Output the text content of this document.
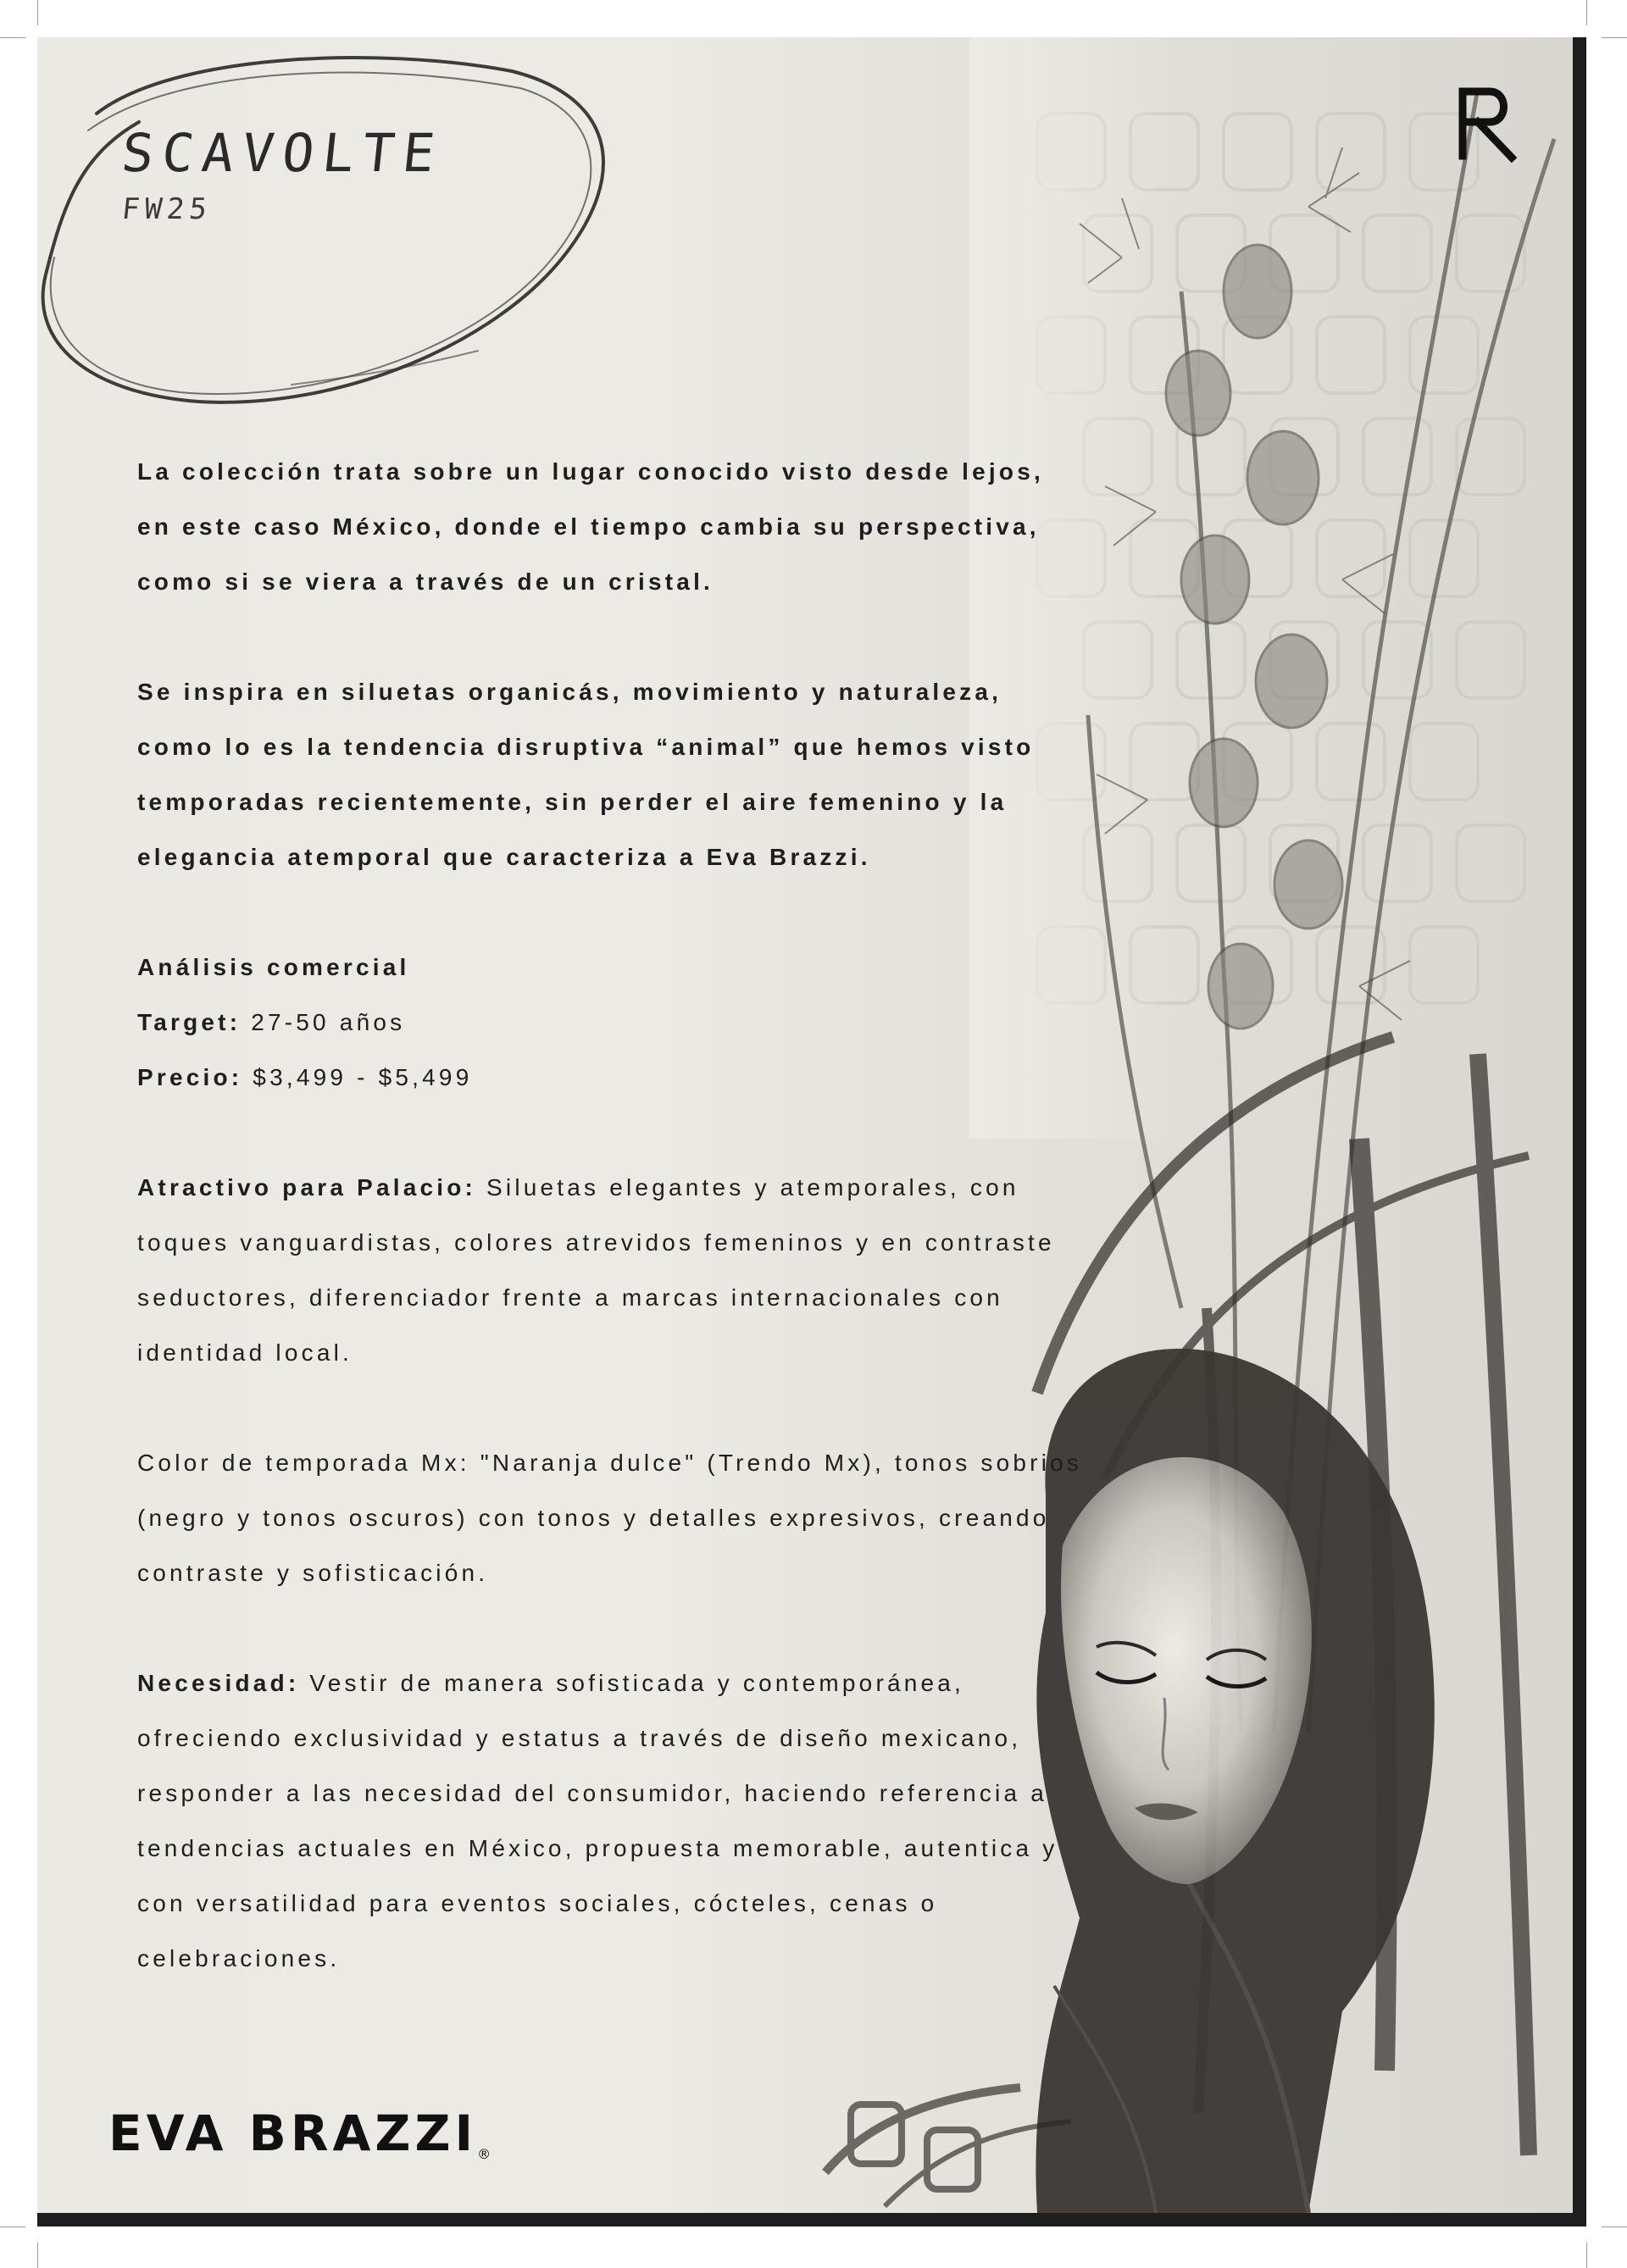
SCAVOLTE
FW25

La colección trata sobre un lugar conocido visto desde lejos, en este caso México, donde el tiempo cambia su perspectiva, como si se viera a través de un cristal.

Se inspira en siluetas organicás, movimiento y naturaleza, como lo es la tendencia disruptiva “animal” que hemos visto temporadas recientemente, sin perder el aire femenino y la elegancia atemporal que caracteriza a Eva Brazzi.

Análisis comercial

Target: 27-50 años

Precio: $3,499 - $5,499

Atractivo para Palacio: Siluetas elegantes y atemporales, con toques vanguardistas, colores atrevidos femeninos y en contraste seductores, diferenciador frente a marcas internacionales con identidad local.

Color de temporada Mx: "Naranja dulce" (Trendo Mx), tonos sobrios (negro y tonos oscuros) con tonos y detalles expresivos, creando contraste y sofisticación.

Necesidad: Vestir de manera sofisticada y contemporánea, ofreciendo exclusividad y estatus a través de diseño mexicano, responder a las necesidad del consumidor, haciendo referencia a tendencias actuales en México, propuesta memorable, autentica y con versatilidad para eventos sociales, cócteles, cenas o celebraciones.

EVA BRAZZI®
